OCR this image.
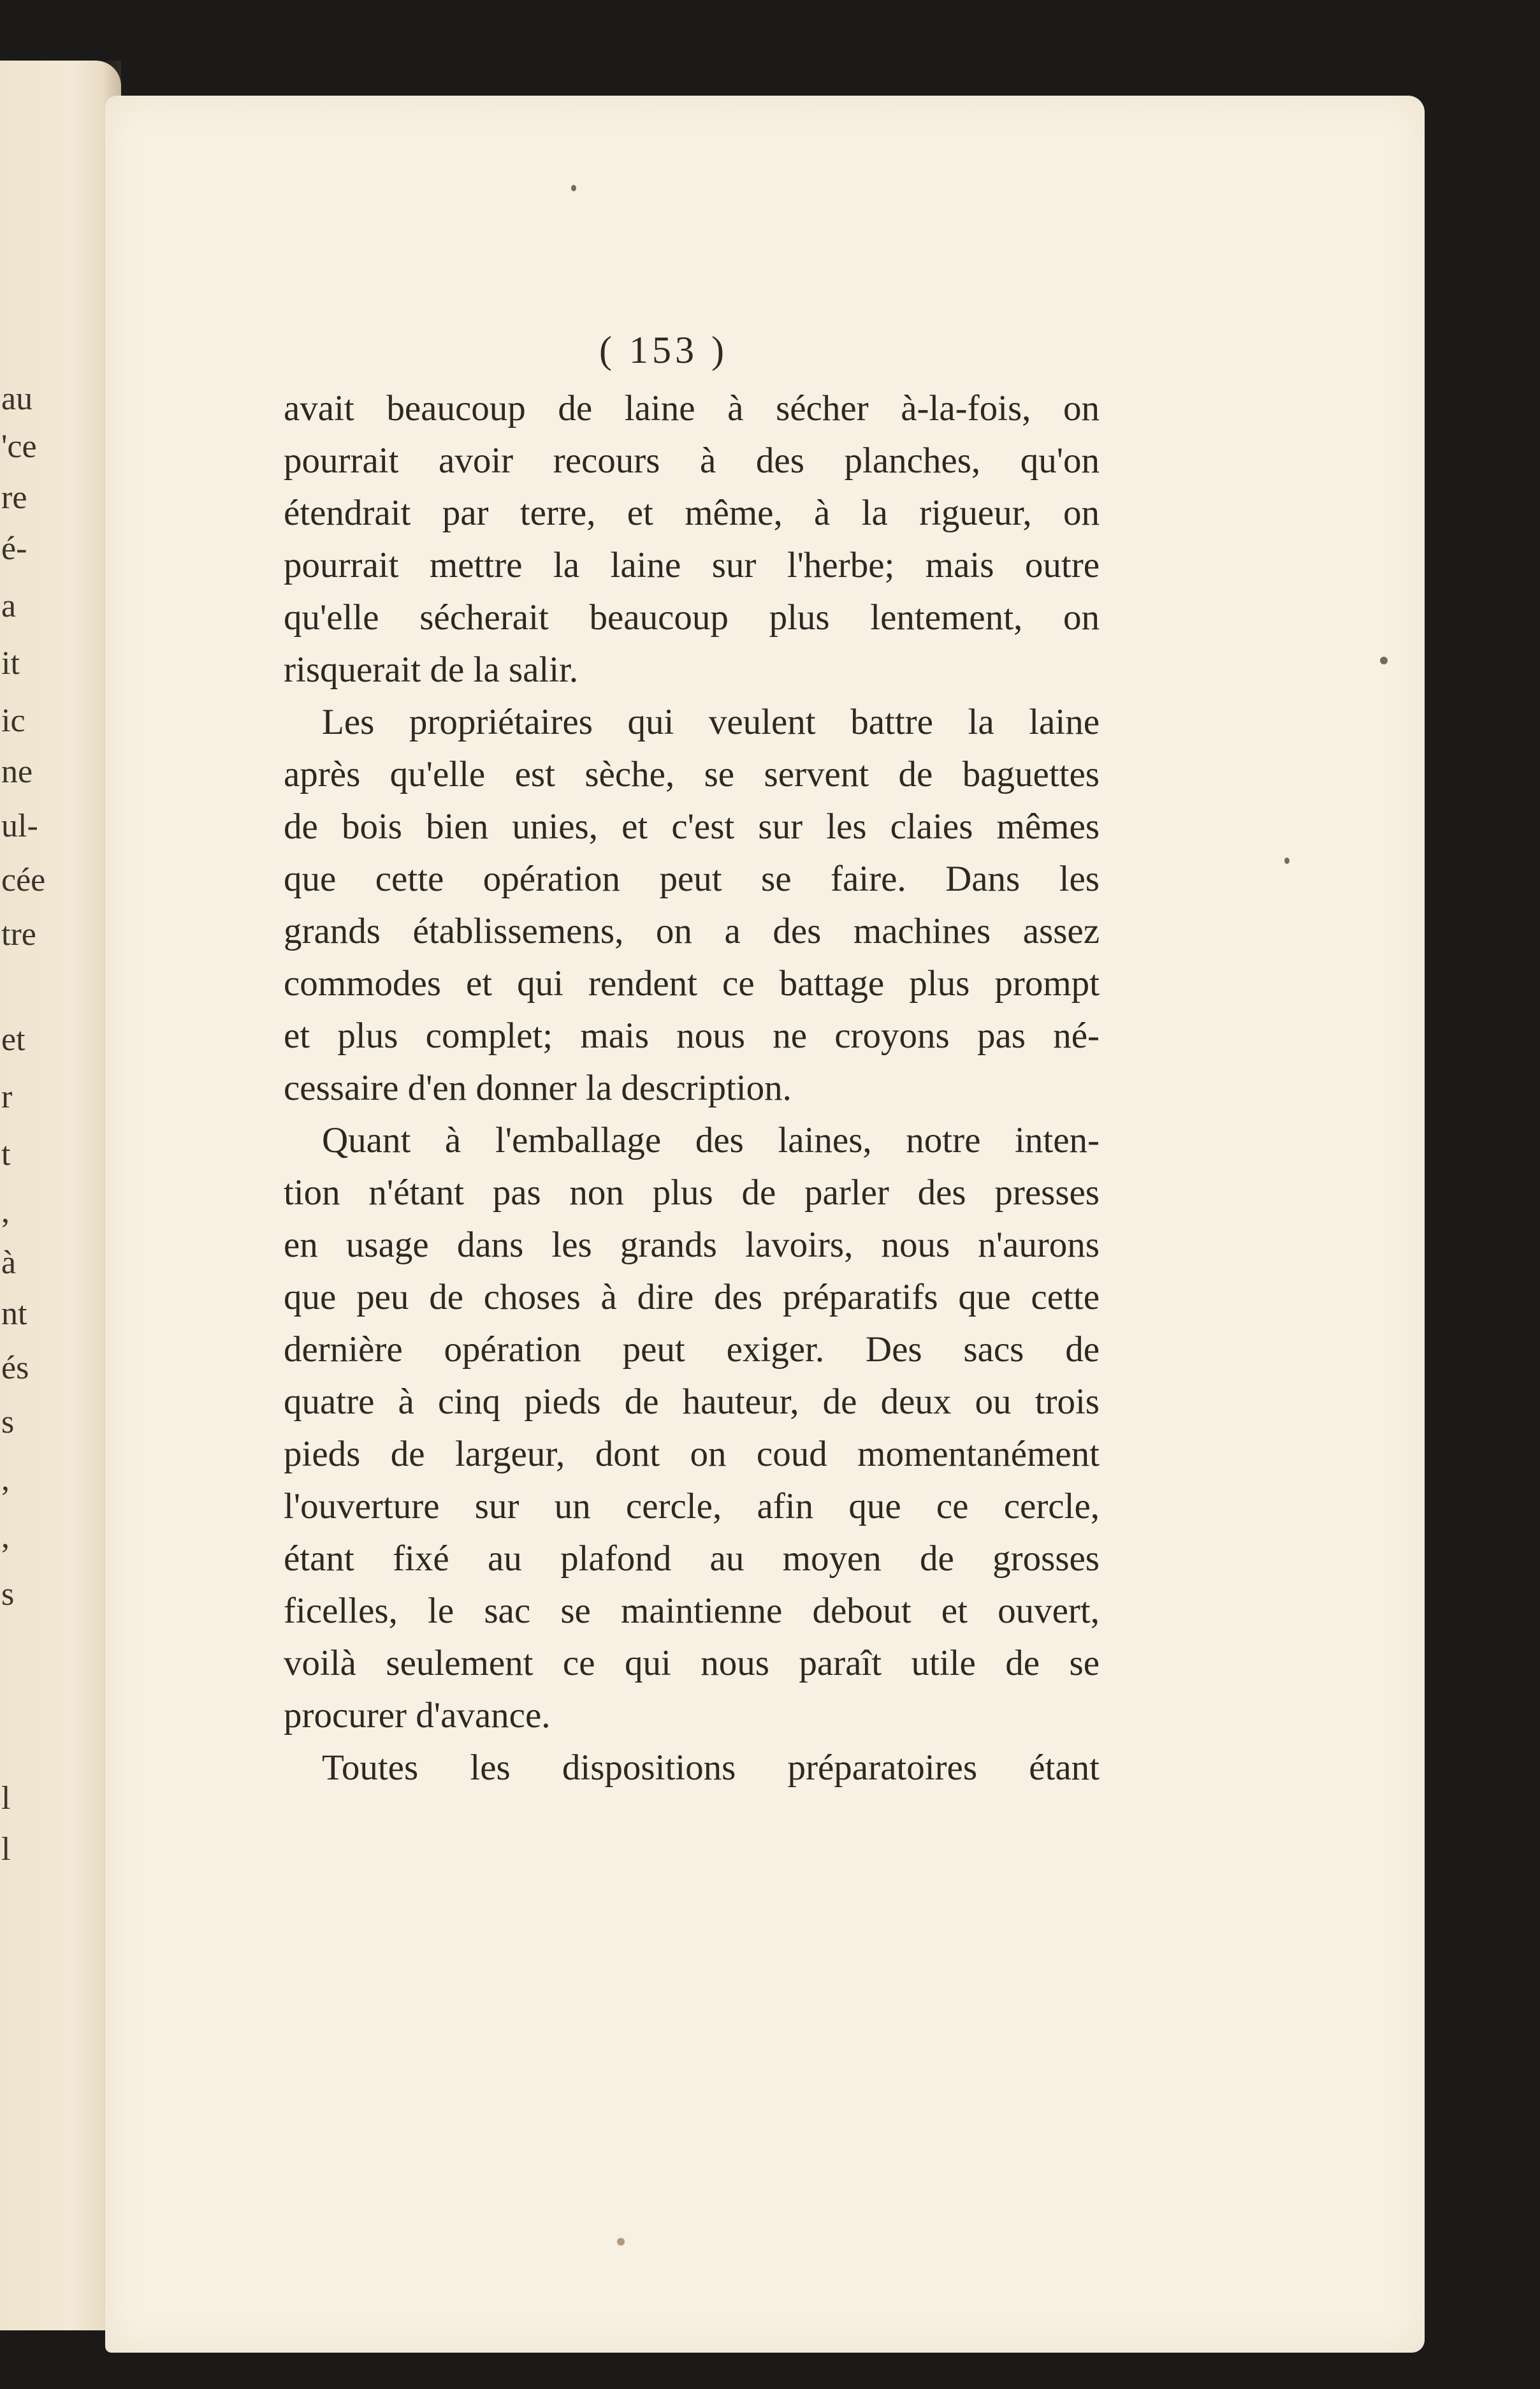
au
'ce
re
é-
a
it
ic
ne
ul-
cée
tre
et
r
t
,
à
nt
és
s
,
,
s
l
l
( 153 )
avait beaucoup de laine à sécher à-la-fois, on
pourrait avoir recours à des planches, qu'on
étendrait par terre, et même, à la rigueur, on
pourrait mettre la laine sur l'herbe; mais outre
qu'elle sécherait beaucoup plus lentement, on
risquerait de la salir.
Les propriétaires qui veulent battre la laine
après qu'elle est sèche, se servent de baguettes
de bois bien unies, et c'est sur les claies mêmes
que cette opération peut se faire. Dans les
grands établissemens, on a des machines assez
commodes et qui rendent ce battage plus prompt
et plus complet; mais nous ne croyons pas né-
cessaire d'en donner la description.
Quant à l'emballage des laines, notre inten-
tion n'étant pas non plus de parler des presses
en usage dans les grands lavoirs, nous n'aurons
que peu de choses à dire des préparatifs que cette
dernière opération peut exiger. Des sacs de
quatre à cinq pieds de hauteur, de deux ou trois
pieds de largeur, dont on coud momentanément
l'ouverture sur un cercle, afin que ce cercle,
étant fixé au plafond au moyen de grosses
ficelles, le sac se maintienne debout et ouvert,
voilà seulement ce qui nous paraît utile de se
procurer d'avance.
Toutes les dispositions préparatoires étant
